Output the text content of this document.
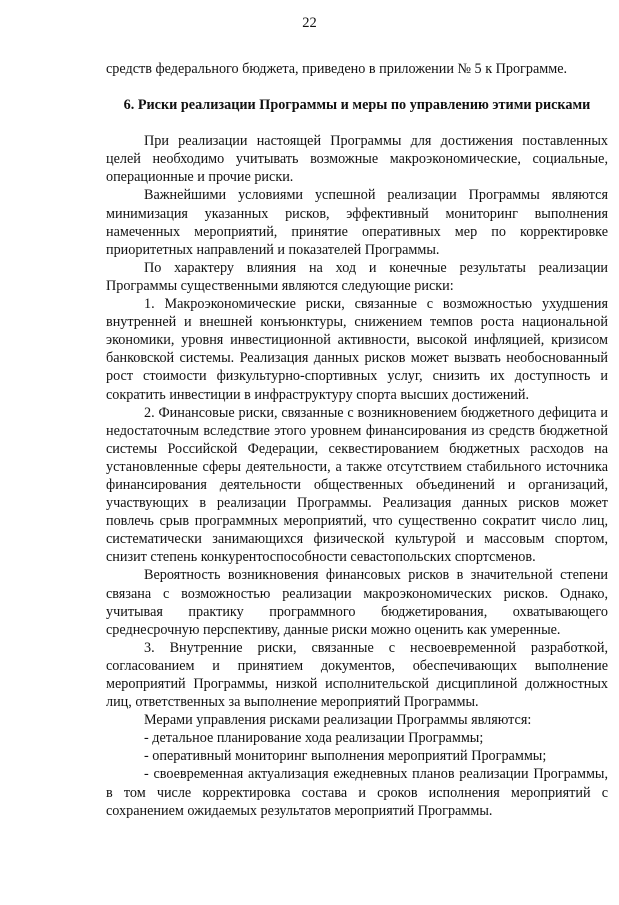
22

средств федерального бюджета, приведено в приложении № 5 к Программе.

6. Риски реализации Программы и меры по управлению этими рисками

При реализации настоящей Программы для достижения поставленных целей необходимо учитывать возможные макроэкономические, социальные, операционные и прочие риски.

Важнейшими условиями успешной реализации Программы являются минимизация указанных рисков, эффективный мониторинг выполнения намеченных мероприятий, принятие оперативных мер по корректировке приоритетных направлений и показателей Программы.

По характеру влияния на ход и конечные результаты реализации Программы существенными являются следующие риски:

1. Макроэкономические риски, связанные с возможностью ухудшения внутренней и внешней конъюнктуры, снижением темпов роста национальной экономики, уровня инвестиционной активности, высокой инфляцией, кризисом банковской системы. Реализация данных рисков может вызвать необоснованный рост стоимости физкультурно-спортивных услуг, снизить их доступность и сократить инвестиции в инфраструктуру спорта высших достижений.

2. Финансовые риски, связанные с возникновением бюджетного дефицита и недостаточным вследствие этого уровнем финансирования из средств бюджетной системы Российской Федерации, секвестированием бюджетных расходов на установленные сферы деятельности, а также отсутствием стабильного источника финансирования деятельности общественных объединений и организаций, участвующих в реализации Программы. Реализация данных рисков может повлечь срыв программных мероприятий, что существенно сократит число лиц, систематически занимающихся физической культурой и массовым спортом, снизит степень конкурентоспособности севастопольских спортсменов.

Вероятность возникновения финансовых рисков в значительной степени связана с возможностью реализации макроэкономических рисков. Однако, учитывая практику программного бюджетирования, охватывающего среднесрочную перспективу, данные риски можно оценить как умеренные.

3. Внутренние риски, связанные с несвоевременной разработкой, согласованием и принятием документов, обеспечивающих выполнение мероприятий Программы, низкой исполнительской дисциплиной должностных лиц, ответственных за выполнение мероприятий Программы.

Мерами управления рисками реализации Программы являются:

- детальное планирование хода реализации Программы;

- оперативный мониторинг выполнения мероприятий Программы;

- своевременная актуализация ежедневных планов реализации Программы, в том числе корректировка состава и сроков исполнения мероприятий с сохранением ожидаемых результатов мероприятий Программы.
